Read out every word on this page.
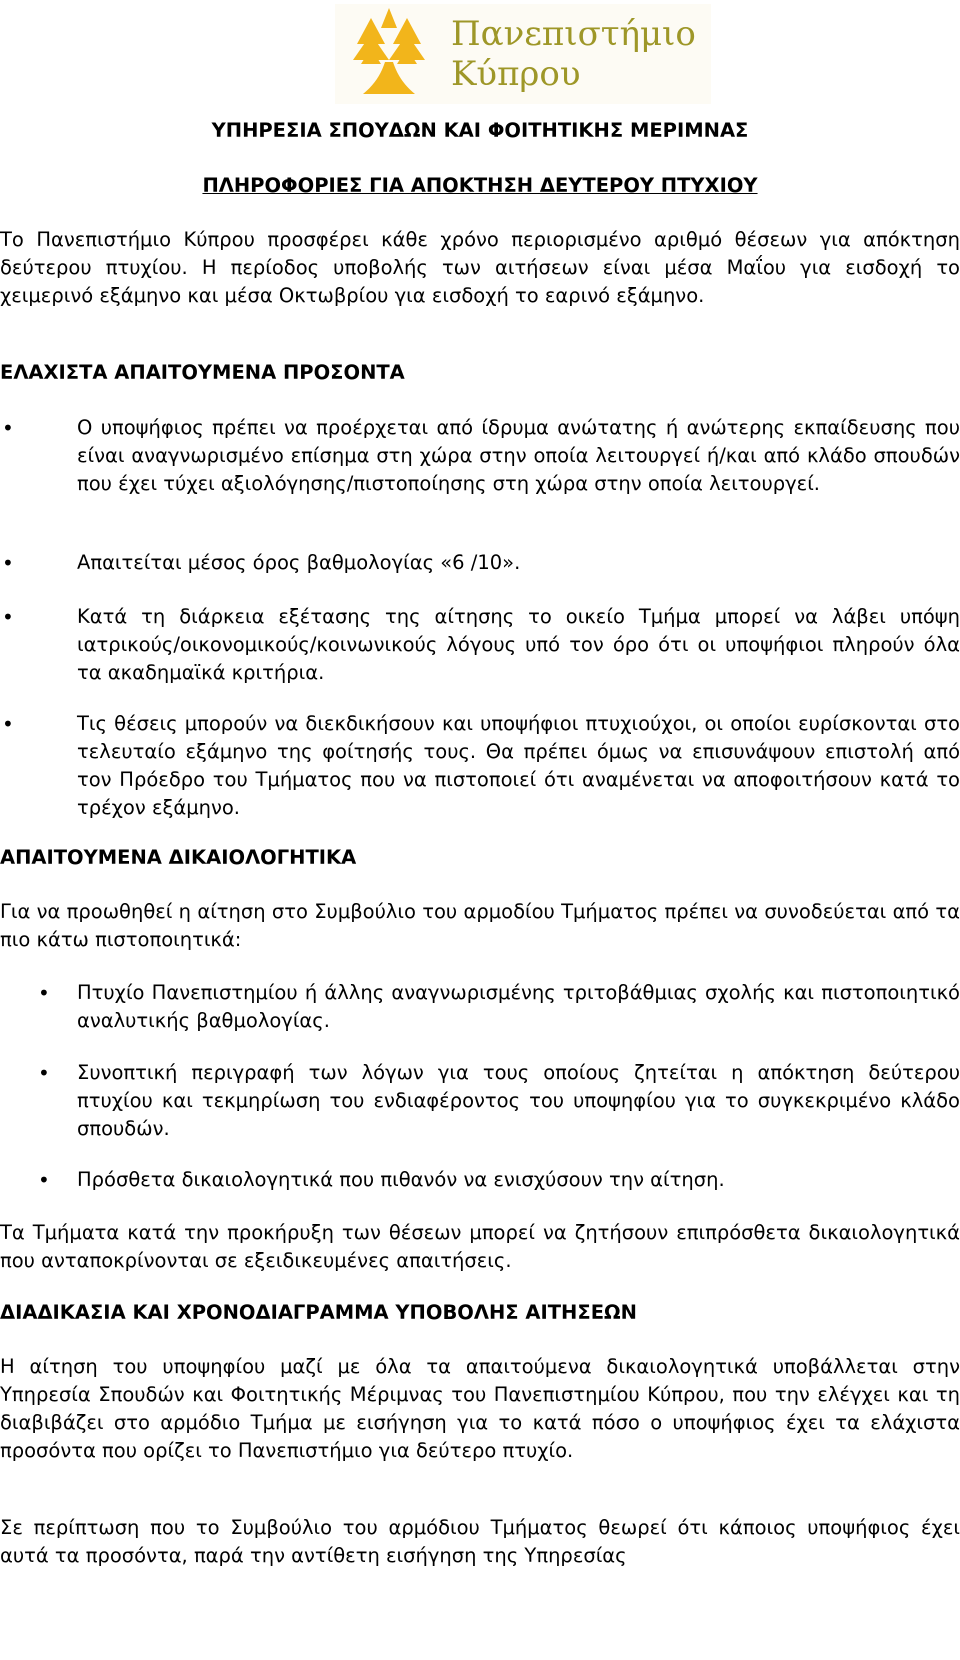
Πανεπιστήμιο
Κύπρου

ΥΠΗΡΕΣΙΑ ΣΠΟΥΔΩΝ ΚΑΙ ΦΟΙΤΗΤΙΚΗΣ ΜΕΡΙΜΝΑΣ

ΠΛΗΡΟΦΟΡΙΕΣ ΓΙΑ ΑΠΟΚΤΗΣΗ ΔΕΥΤΕΡΟΥ ΠΤΥΧΙΟΥ

Το Πανεπιστήμιο Κύπρου προσφέρει κάθε χρόνο περιορισμένο αριθμό θέσεων για απόκτηση δεύτερου πτυχίου. Η περίοδος υποβολής των αιτήσεων είναι μέσα Μαΐου για εισδοχή το χειμερινό εξάμηνο και μέσα Οκτωβρίου για εισδοχή το εαρινό εξάμηνο.

ΕΛΑΧΙΣΤΑ ΑΠΑΙΤΟΥΜΕΝΑ ΠΡΟΣΟΝΤΑ

•	Ο υποψήφιος πρέπει να προέρχεται από ίδρυμα ανώτατης ή ανώτερης εκπαίδευσης που είναι αναγνωρισμένο επίσημα στη χώρα στην οποία λειτουργεί ή/και από κλάδο σπουδών που έχει τύχει αξιολόγησης/πιστοποίησης στη χώρα στην οποία λειτουργεί.

•	Απαιτείται μέσος όρος βαθμολογίας «6 /10».

•	Κατά τη διάρκεια εξέτασης της αίτησης το οικείο Τμήμα μπορεί να λάβει υπόψη ιατρικούς/οικονομικούς/κοινωνικούς λόγους υπό τον όρο ότι οι υποψήφιοι πληρούν όλα τα ακαδημαϊκά κριτήρια.

•	Τις θέσεις μπορούν να διεκδικήσουν και υποψήφιοι πτυχιούχοι, οι οποίοι ευρίσκονται στο τελευταίο εξάμηνο της φοίτησής τους. Θα πρέπει όμως να επισυνάψουν επιστολή από τον Πρόεδρο του Τμήματος που να πιστοποιεί ότι αναμένεται να αποφοιτήσουν κατά το τρέχον εξάμηνο.

ΑΠΑΙΤΟΥΜΕΝΑ ΔΙΚΑΙΟΛΟΓΗΤΙΚΑ

Για να προωθηθεί η αίτηση στο Συμβούλιο του αρμοδίου Τμήματος πρέπει να συνοδεύεται από τα πιο κάτω πιστοποιητικά:

• Πτυχίο Πανεπιστημίου ή άλλης αναγνωρισμένης τριτοβάθμιας σχολής και πιστοποιητικό αναλυτικής βαθμολογίας.

• Συνοπτική περιγραφή των λόγων για τους οποίους ζητείται η απόκτηση δεύτερου πτυχίου και τεκμηρίωση του ενδιαφέροντος του υποψηφίου για το συγκεκριμένο κλάδο σπουδών.

• Πρόσθετα δικαιολογητικά που πιθανόν να ενισχύσουν την αίτηση.

Τα Τμήματα κατά την προκήρυξη των θέσεων μπορεί να ζητήσουν επιπρόσθετα δικαιολογητικά που ανταποκρίνονται σε εξειδικευμένες απαιτήσεις.

ΔΙΑΔΙΚΑΣΙΑ ΚΑΙ ΧΡΟΝΟΔΙΑΓΡΑΜΜΑ ΥΠΟΒΟΛΗΣ ΑΙΤΗΣΕΩΝ

Η αίτηση του υποψηφίου μαζί με όλα τα απαιτούμενα δικαιολογητικά υποβάλλεται στην Υπηρεσία Σπουδών και Φοιτητικής Μέριμνας του Πανεπιστημίου Κύπρου, που την ελέγχει και τη διαβιβάζει στο αρμόδιο Τμήμα με εισήγηση για το κατά πόσο ο υποψήφιος έχει τα ελάχιστα προσόντα που ορίζει το Πανεπιστήμιο για δεύτερο πτυχίο.

Σε περίπτωση που το Συμβούλιο του αρμόδιου Τμήματος θεωρεί ότι κάποιος υποψήφιος έχει αυτά τα προσόντα, παρά την αντίθετη εισήγηση της Υπηρεσίας
